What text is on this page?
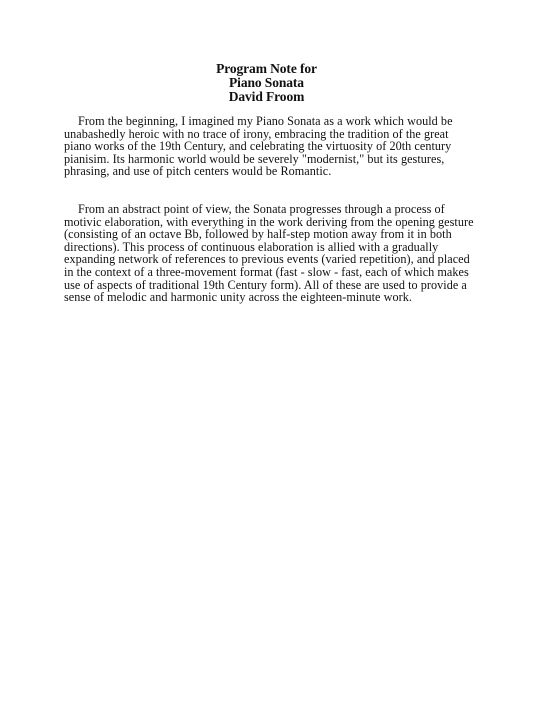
Program Note for
Piano Sonata
David Froom

From the beginning, I imagined my Piano Sonata as a work which would be unabashedly heroic with no trace of irony, embracing the tradition of the great piano works of the 19th Century, and celebrating the virtuosity of 20th century pianisim. Its harmonic world would be severely "modernist," but its gestures, phrasing, and use of pitch centers would be Romantic.

From an abstract point of view, the Sonata progresses through a process of motivic elaboration, with everything in the work deriving from the opening gesture (consisting of an octave Bb, followed by half-step motion away from it in both directions). This process of continuous elaboration is allied with a gradually expanding network of references to previous events (varied repetition), and placed in the context of a three-movement format (fast - slow - fast, each of which makes use of aspects of traditional 19th Century form). All of these are used to provide a sense of melodic and harmonic unity across the eighteen-minute work.
